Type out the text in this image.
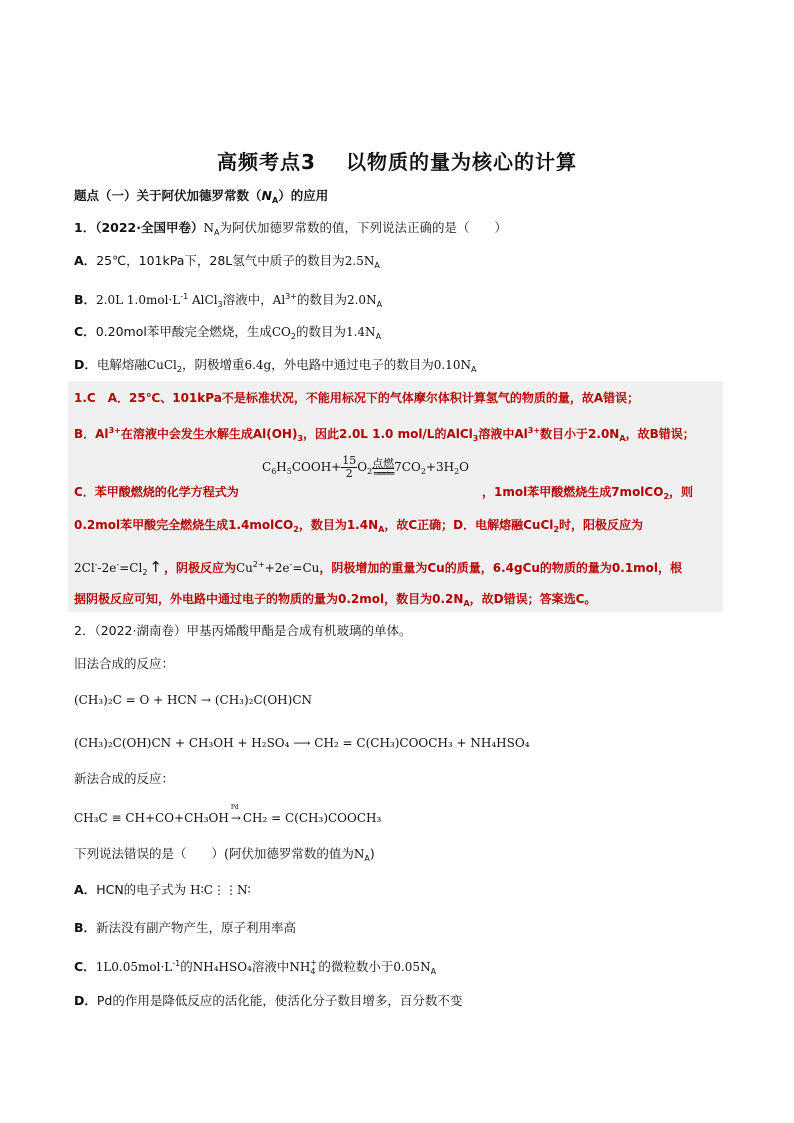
高频考点3 以物质的量为核心的计算
题点（一）关于阿伏加德罗常数$(N_A)$的应用
1．（2022·全国甲卷）$N_A$为阿伏加德罗常数的值，下列说法正确的是（　　）
A．25℃，101kPa下，28L氢气中质子的数目为$2.5N_A$
B．2.0L $1.0mol\cdot L^{-1}$ AlCl$_3$溶液中，$Al^{3+}$的数目为$2.0N_A$
C．0.20mol苯甲酸完全燃烧，生成$CO_2$的数目为$1.4N_A$
D．电解熔融CuCl$_2$，阴极增重6.4g，外电路中通过电子的数目为$0.10N_A$
1.C　A．25℃、101kPa不是标准状况，不能用标况下的气体摩尔体积计算氢气的物质的量，故A错误；
B．$Al^{3+}$在溶液中会发生水解生成$Al(OH)_3$，因此2.0L 1.0 mol/L的AlCl$_3$溶液中$Al^{3+}$数目小于$2.0N_A$，故B错误；
$C_6H_5COOH+ \frac{15}{2} O_2$
点燃
════ $7CO_2+3H_2O$
C．苯甲酸燃烧的化学方程式为	，1mol苯甲酸燃烧生成7molCO$_2$，则
0.2mol苯甲酸完全燃烧生成1.4molCO$_2$，数目为$1.4N_A$，故C正确；D．电解熔融CuCl$_2$时，阳极反应为
$2Cl^--2e^-=Cl_2$ ↑ ，阴极反应为$Cu^{2+}+2e^-=Cu$，阴极增加的重量为Cu的质量，6.4gCu的物质的量为0.1mol，根
据阴极反应可知，外电路中通过电子的物质的量为0.2mol，数目为$0.2N_A$，故D错误；答案选C。
2．（2022·湖南卷）甲基丙烯酸甲酯是合成有机玻璃的单体。
旧法合成的反应：
(CH₃)₂C = O + HCN → (CH₃)₂C(OH)CN
(CH₃)₂C(OH)CN + CH₃OH + H₂SO₄ ⟶ CH₂ = C(CH₃)COOCH₃ + NH₄HSO₄
新法合成的反应：
CH₃C ≡ CH+CO+CH₃OH
Pd
→ CH₂ = C(CH₃)COOCH₃
下列说法错误的是（　　）(阿伏加德罗常数的值为$N_A$)
A．HCN的电子式为 H∶C⋮⋮N∶
B．新法没有副产物产生，原子利用率高
C．$1L0.05mol\cdot L^{-1}$的NH₄HSO₄溶液中NH +
4 的微粒数小于$0.05N_A$
D．Pd的作用是降低反应的活化能，使活化分子数目增多，百分数不变
